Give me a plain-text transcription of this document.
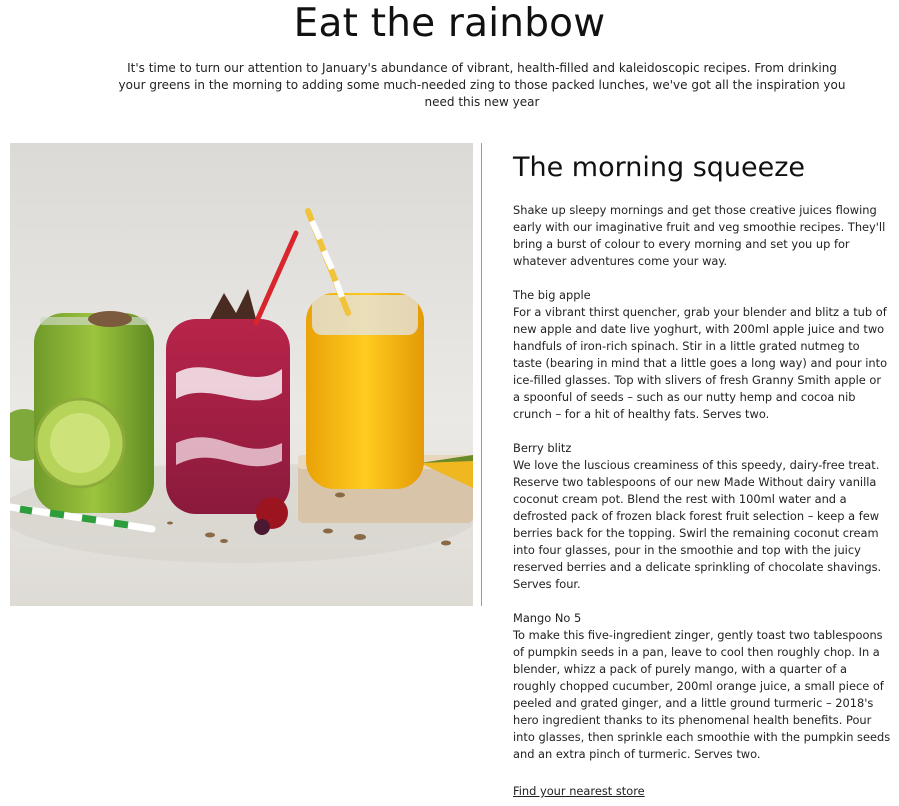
Eat the rainbow

It's time to turn our attention to January's abundance of vibrant, health-filled and kaleidoscopic recipes. From drinking your greens in the morning to adding some much-needed zing to those packed lunches, we've got all the inspiration you need this new year

The morning squeeze

Shake up sleepy mornings and get those creative juices flowing early with our imaginative fruit and veg smoothie recipes. They'll bring a burst of colour to every morning and set you up for whatever adventures come your way.

The big apple
For a vibrant thirst quencher, grab your blender and blitz a tub of new apple and date live yoghurt, with 200ml apple juice and two handfuls of iron-rich spinach. Stir in a little grated nutmeg to taste (bearing in mind that a little goes a long way) and pour into ice-filled glasses. Top with slivers of fresh Granny Smith apple or a spoonful of seeds – such as our nutty hemp and cocoa nib crunch – for a hit of healthy fats. Serves two.
Berry blitz
We love the luscious creaminess of this speedy, dairy-free treat. Reserve two tablespoons of our new Made Without dairy vanilla coconut cream pot. Blend the rest with 100ml water and a defrosted pack of frozen black forest fruit selection – keep a few berries back for the topping. Swirl the remaining coconut cream into four glasses, pour in the smoothie and top with the juicy reserved berries and a delicate sprinkling of chocolate shavings. Serves four.
Mango No 5
To make this five-ingredient zinger, gently toast two tablespoons of pumpkin seeds in a pan, leave to cool then roughly chop. In a blender, whizz a pack of purely mango, with a quarter of a roughly chopped cucumber, 200ml orange juice, a small piece of peeled and grated ginger, and a little ground turmeric – 2018's hero ingredient thanks to its phenomenal health benefits. Pour into glasses, then sprinkle each smoothie with the pumpkin seeds and an extra pinch of turmeric. Serves two.
Find your nearest store
